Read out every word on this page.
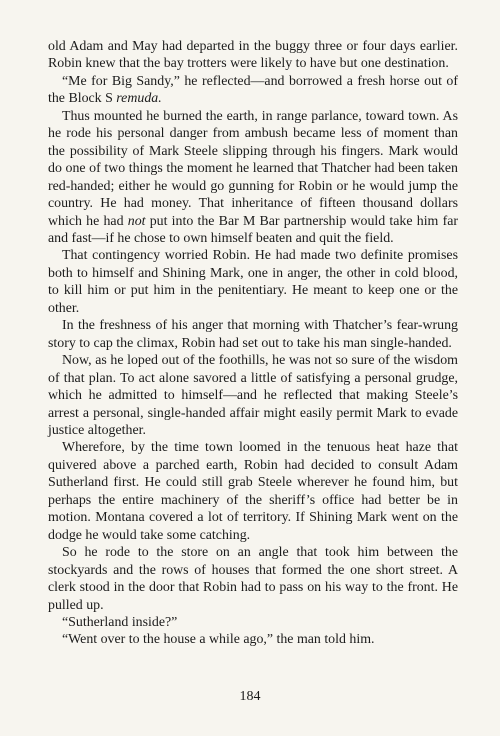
old Adam and May had departed in the buggy three or four days earlier. Robin knew that the bay trotters were likely to have but one destination.

“Me for Big Sandy,” he reflected—and borrowed a fresh horse out of the Block S remuda.

Thus mounted he burned the earth, in range parlance, toward town. As he rode his personal danger from ambush became less of moment than the possibility of Mark Steele slipping through his fingers. Mark would do one of two things the moment he learned that Thatcher had been taken red-handed; either he would go gunning for Robin or he would jump the country. He had money. That inheritance of fifteen thousand dollars which he had not put into the Bar M Bar partnership would take him far and fast—if he chose to own himself beaten and quit the field.

That contingency worried Robin. He had made two definite promises both to himself and Shining Mark, one in anger, the other in cold blood, to kill him or put him in the penitentiary. He meant to keep one or the other.

In the freshness of his anger that morning with Thatcher’s fear-wrung story to cap the climax, Robin had set out to take his man single-handed.

Now, as he loped out of the foothills, he was not so sure of the wisdom of that plan. To act alone savored a little of satisfying a personal grudge, which he admitted to himself—and he reflected that making Steele’s arrest a personal, single-handed affair might easily permit Mark to evade justice altogether.

Wherefore, by the time town loomed in the tenuous heat haze that quivered above a parched earth, Robin had decided to consult Adam Sutherland first. He could still grab Steele wherever he found him, but perhaps the entire machinery of the sheriff’s office had better be in motion. Montana covered a lot of territory. If Shining Mark went on the dodge he would take some catching.

So he rode to the store on an angle that took him between the stockyards and the rows of houses that formed the one short street. A clerk stood in the door that Robin had to pass on his way to the front. He pulled up.

“Sutherland inside?”

“Went over to the house a while ago,” the man told him.

184
